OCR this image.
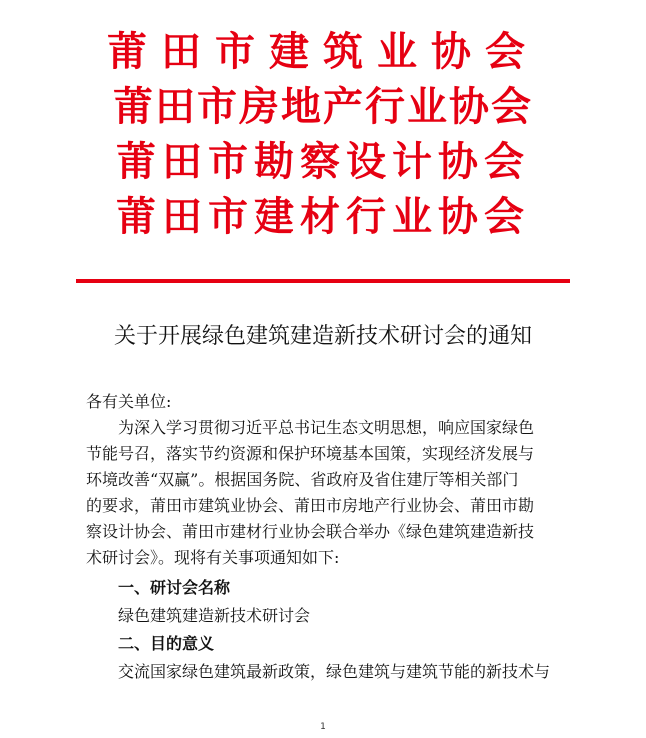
莆田市建筑业协会
莆田市房地产行业协会
莆田市勘察设计协会
莆田市建材行业协会
关于开展绿色建筑建造新技术研讨会的通知
各有关单位:
为深入学习贯彻习近平总书记生态文明思想，响应国家绿色
节能号召，落实节约资源和保护环境基本国策，实现经济发展与
环境改善“双赢”。根据国务院、省政府及省住建厅等相关部门
的要求，莆田市建筑业协会、莆田市房地产行业协会、莆田市勘
察设计协会、莆田市建材行业协会联合举办《绿色建筑建造新技
术研讨会》。现将有关事项通知如下:
一、研讨会名称
绿色建筑建造新技术研讨会
二、目的意义
交流国家绿色建筑最新政策，绿色建筑与建筑节能的新技术与
1
